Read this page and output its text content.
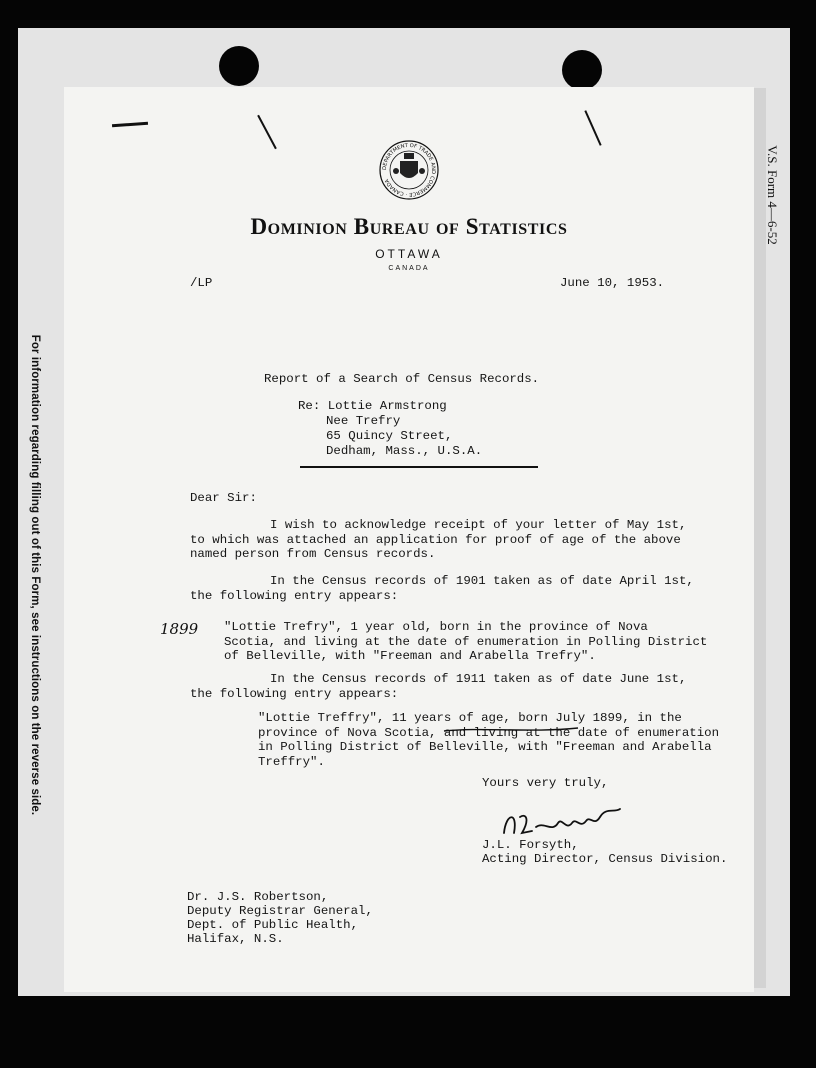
For information regarding filling out of this Form, see instructions on the reverse side.
V.S. Form 4—6-52
DEPARTMENT OF TRADE AND COMMERCE · CANADA
Dominion Bureau of Statistics
OTTAWA
CANADA
/LP	June 10, 1953.
Report of a Search of Census Records.
Re: Lottie Armstrong
Nee Trefry
65 Quincy Street,
Dedham, Mass., U.S.A.
Dear Sir:
I wish to acknowledge receipt of your letter of May 1st,
to which was attached an application for proof of age of the above
named person from Census records.
In the Census records of 1901 taken as of date April 1st,
the following entry appears:
1899 "Lottie Trefry", 1 year old, born in the province of Nova
Scotia, and living at the date of enumeration in Polling District
of Belleville, with "Freeman and Arabella Trefry".
In the Census records of 1911 taken as of date June 1st,
the following entry appears:
"Lottie Treffry", 11 years of age, born July 1899, in the
province of Nova Scotia, and living at the date of enumeration
in Polling District of Belleville, with "Freeman and Arabella
Treffry".
Yours very truly,
J.L. Forsyth,
Acting Director, Census Division.
Dr. J.S. Robertson,
Deputy Registrar General,
Dept. of Public Health,
Halifax, N.S.
